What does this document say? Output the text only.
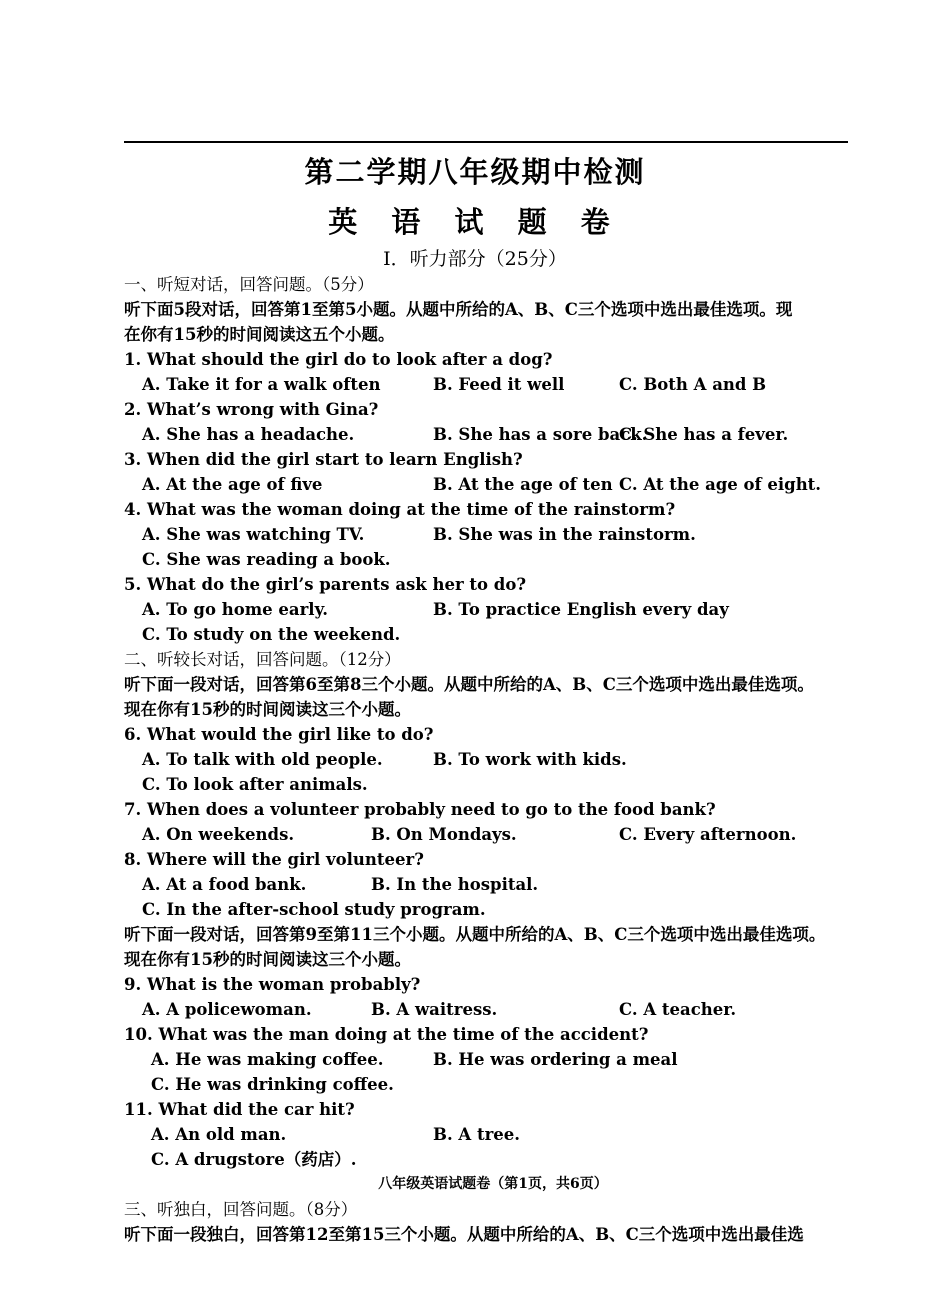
第二学期八年级期中检测
英 语 试 题 卷
Ⅰ．听力部分（25分）
一、听短对话，回答问题。（5分）
听下面5段对话，回答第1至第5小题。从题中所给的A、B、C三个选项中选出最佳选项。现
在你有15秒的时间阅读这五个小题。
1. What should the girl do to look after a dog?
A. Take it for a walk often	B. Feed it well	C. Both A and B
2. What’s wrong with Gina?
A. She has a headache.	B. She has a sore back.
C. She has a fever.
3. When did the girl start to learn English?
A. At the age of five	B. At the age of ten C. At the age of eight.
4. What was the woman doing at the time of the rainstorm?
A. She was watching TV.	B. She was in the rainstorm.
C. She was reading a book.
5. What do the girl’s parents ask her to do?
A. To go home early.	B. To practice English every day
C. To study on the weekend.
二、听较长对话，回答问题。（12分）
听下面一段对话，回答第6至第8三个小题。从题中所给的A、B、C三个选项中选出最佳选项。
现在你有15秒的时间阅读这三个小题。
6. What would the girl like to do?
A. To talk with old people.	B. To work with kids.
C. To look after animals.
7. When does a volunteer probably need to go to the food bank?
A. On weekends.	B. On Mondays.	C. Every afternoon.
8. Where will the girl volunteer?
A. At a food bank.	B. In the hospital.
C. In the after-school study program.
听下面一段对话，回答第9至第11三个小题。从题中所给的A、B、C三个选项中选出最佳选项。
现在你有15秒的时间阅读这三个小题。
9. What is the woman probably?
A. A policewoman.	B. A waitress.	C. A teacher.
10. What was the man doing at the time of the accident?
A. He was making coffee.	B. He was ordering a meal
C. He was drinking coffee.
11. What did the car hit?
A. An old man.	B. A tree.
C. A drugstore（药店）.
八年级英语试题卷（第1页，共6页）
三、听独白，回答问题。（8分）
听下面一段独白，回答第12至第15三个小题。从题中所给的A、B、C三个选项中选出最佳选
